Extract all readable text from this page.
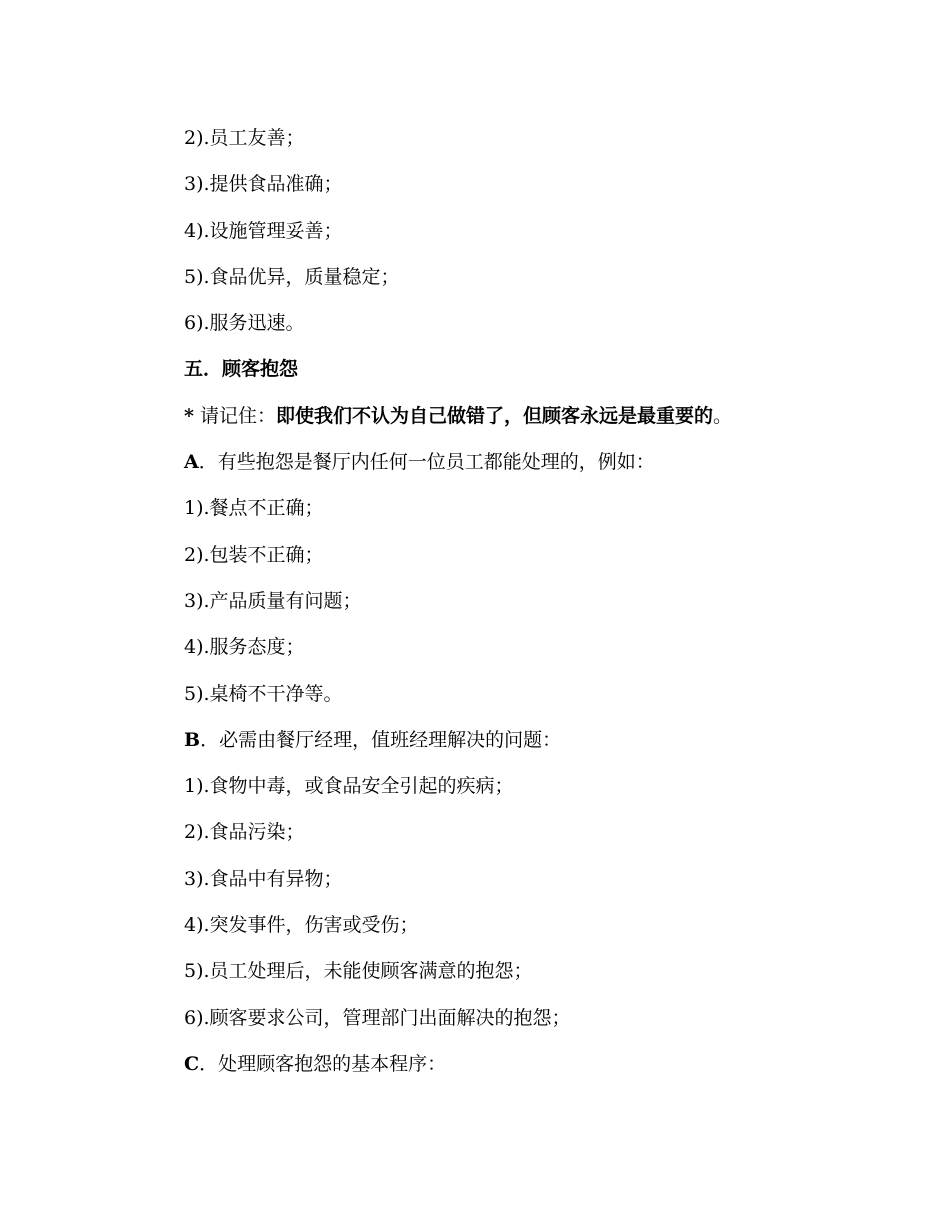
2).员工友善；
3).提供食品准确；
4).设施管理妥善；
5).食品优异，质量稳定；
6).服务迅速。
五．顾客抱怨
* 请记住：即使我们不认为自己做错了，但顾客永远是最重要的。
A．有些抱怨是餐厅内任何一位员工都能处理的，例如：
1).餐点不正确；
2).包装不正确；
3).产品质量有问题；
4).服务态度；
5).桌椅不干净等。
B．必需由餐厅经理，值班经理解决的问题：
1).食物中毒，或食品安全引起的疾病；
2).食品污染；
3).食品中有异物；
4).突发事件，伤害或受伤；
5).员工处理后，未能使顾客满意的抱怨；
6).顾客要求公司，管理部门出面解决的抱怨；
C．处理顾客抱怨的基本程序：
